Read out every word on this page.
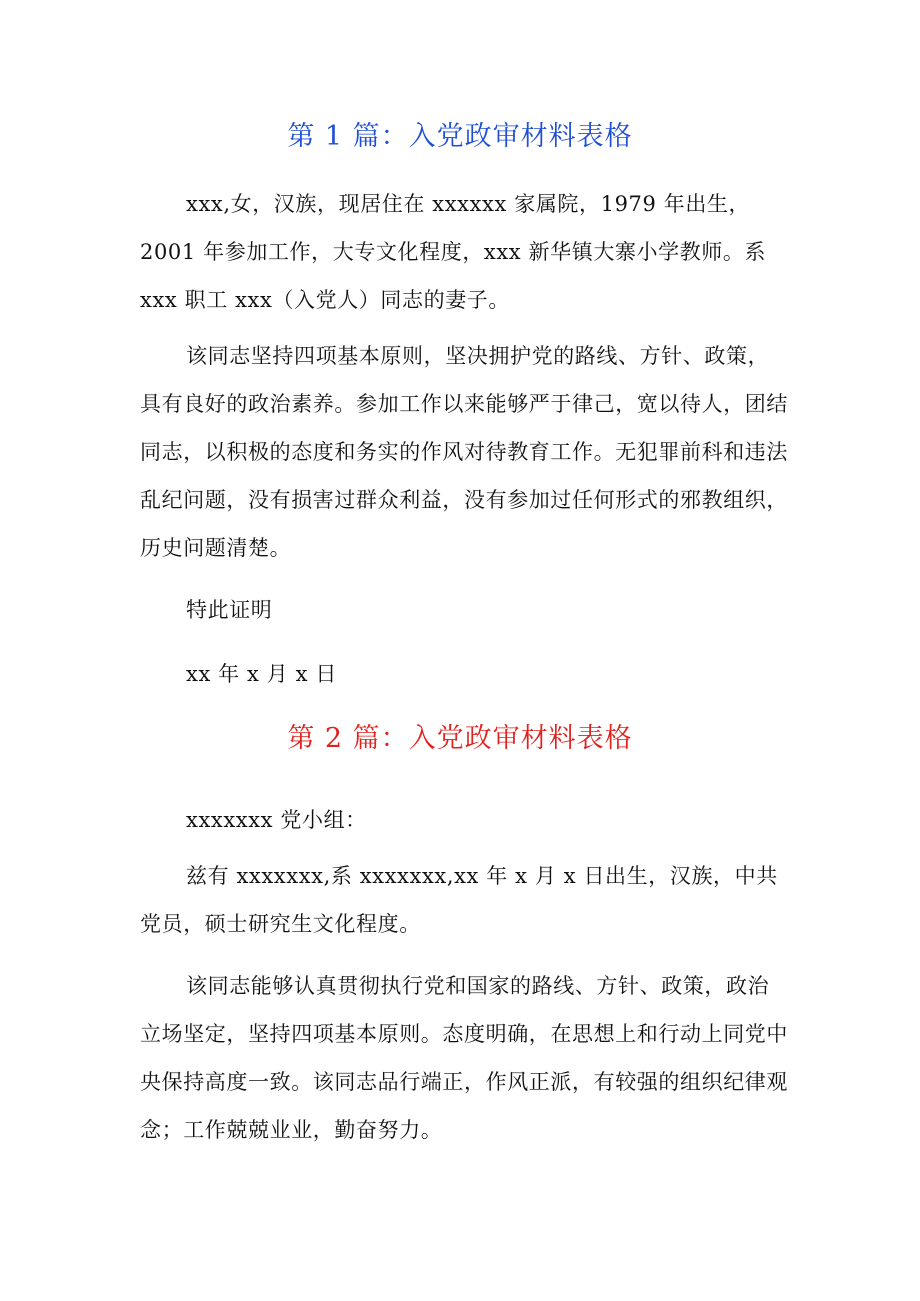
第 1 篇：入党政审材料表格
xxx,女，汉族，现居住在 xxxxxx 家属院，1979 年出生，2001 年参加工作，大专文化程度，xxx 新华镇大寨小学教师。系 xxx 职工 xxx（入党人）同志的妻子。
该同志坚持四项基本原则，坚决拥护党的路线、方针、政策，具有良好的政治素养。参加工作以来能够严于律己，宽以待人，团结同志，以积极的态度和务实的作风对待教育工作。无犯罪前科和违法乱纪问题，没有损害过群众利益，没有参加过任何形式的邪教组织，历史问题清楚。
特此证明
xx 年 x 月 x 日
第 2 篇：入党政审材料表格
xxxxxxx 党小组：
兹有 xxxxxxx,系 xxxxxxx,xx 年 x 月 x 日出生，汉族，中共党员，硕士研究生文化程度。
该同志能够认真贯彻执行党和国家的路线、方针、政策，政治立场坚定，坚持四项基本原则。态度明确，在思想上和行动上同党中央保持高度一致。该同志品行端正，作风正派，有较强的组织纪律观念；工作兢兢业业，勤奋努力。
